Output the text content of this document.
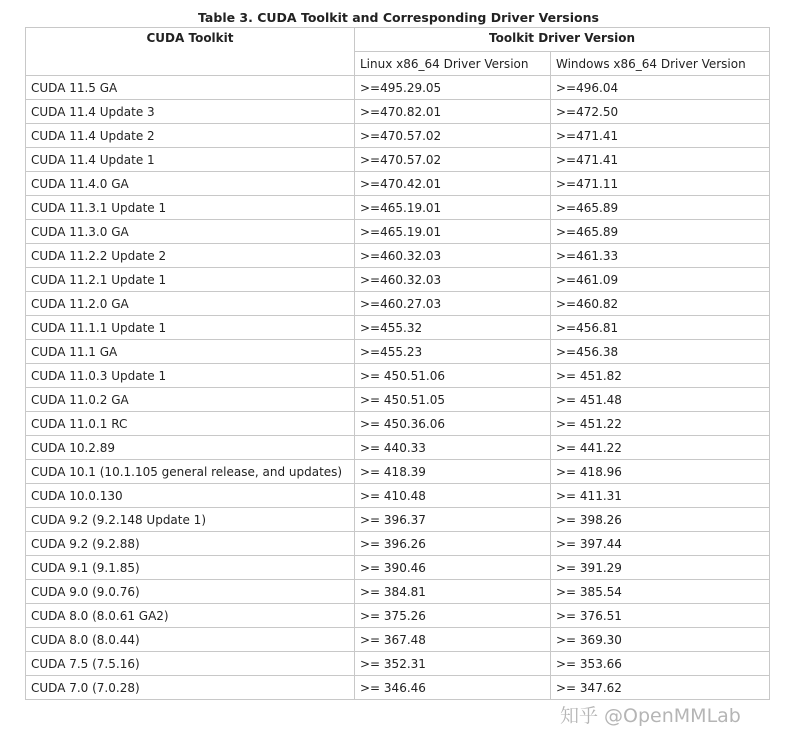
Table 3. CUDA Toolkit and Corresponding Driver Versions
CUDA Toolkit	Toolkit Driver Version	
	Linux x86_64 Driver Version	Windows x86_64 Driver Version
CUDA 11.5 GA	>=495.29.05	>=496.04
CUDA 11.4 Update 3	>=470.82.01	>=472.50
CUDA 11.4 Update 2	>=470.57.02	>=471.41
CUDA 11.4 Update 1	>=470.57.02	>=471.41
CUDA 11.4.0 GA	>=470.42.01	>=471.11
CUDA 11.3.1 Update 1	>=465.19.01	>=465.89
CUDA 11.3.0 GA	>=465.19.01	>=465.89
CUDA 11.2.2 Update 2	>=460.32.03	>=461.33
CUDA 11.2.1 Update 1	>=460.32.03	>=461.09
CUDA 11.2.0 GA	>=460.27.03	>=460.82
CUDA 11.1.1 Update 1	>=455.32	>=456.81
CUDA 11.1 GA	>=455.23	>=456.38
CUDA 11.0.3 Update 1	>= 450.51.06	>= 451.82
CUDA 11.0.2 GA	>= 450.51.05	>= 451.48
CUDA 11.0.1 RC	>= 450.36.06	>= 451.22
CUDA 10.2.89	>= 440.33	>= 441.22
CUDA 10.1 (10.1.105 general release, and updates)	>= 418.39	>= 418.96
CUDA 10.0.130	>= 410.48	>= 411.31
CUDA 9.2 (9.2.148 Update 1)	>= 396.37	>= 398.26
CUDA 9.2 (9.2.88)	>= 396.26	>= 397.44
CUDA 9.1 (9.1.85)	>= 390.46	>= 391.29
CUDA 9.0 (9.0.76)	>= 384.81	>= 385.54
CUDA 8.0 (8.0.61 GA2)	>= 375.26	>= 376.51
CUDA 8.0 (8.0.44)	>= 367.48	>= 369.30
CUDA 7.5 (7.5.16)	>= 352.31	>= 353.66
CUDA 7.0 (7.0.28)	>= 346.46	>= 347.62
知乎 @OpenMMLab
